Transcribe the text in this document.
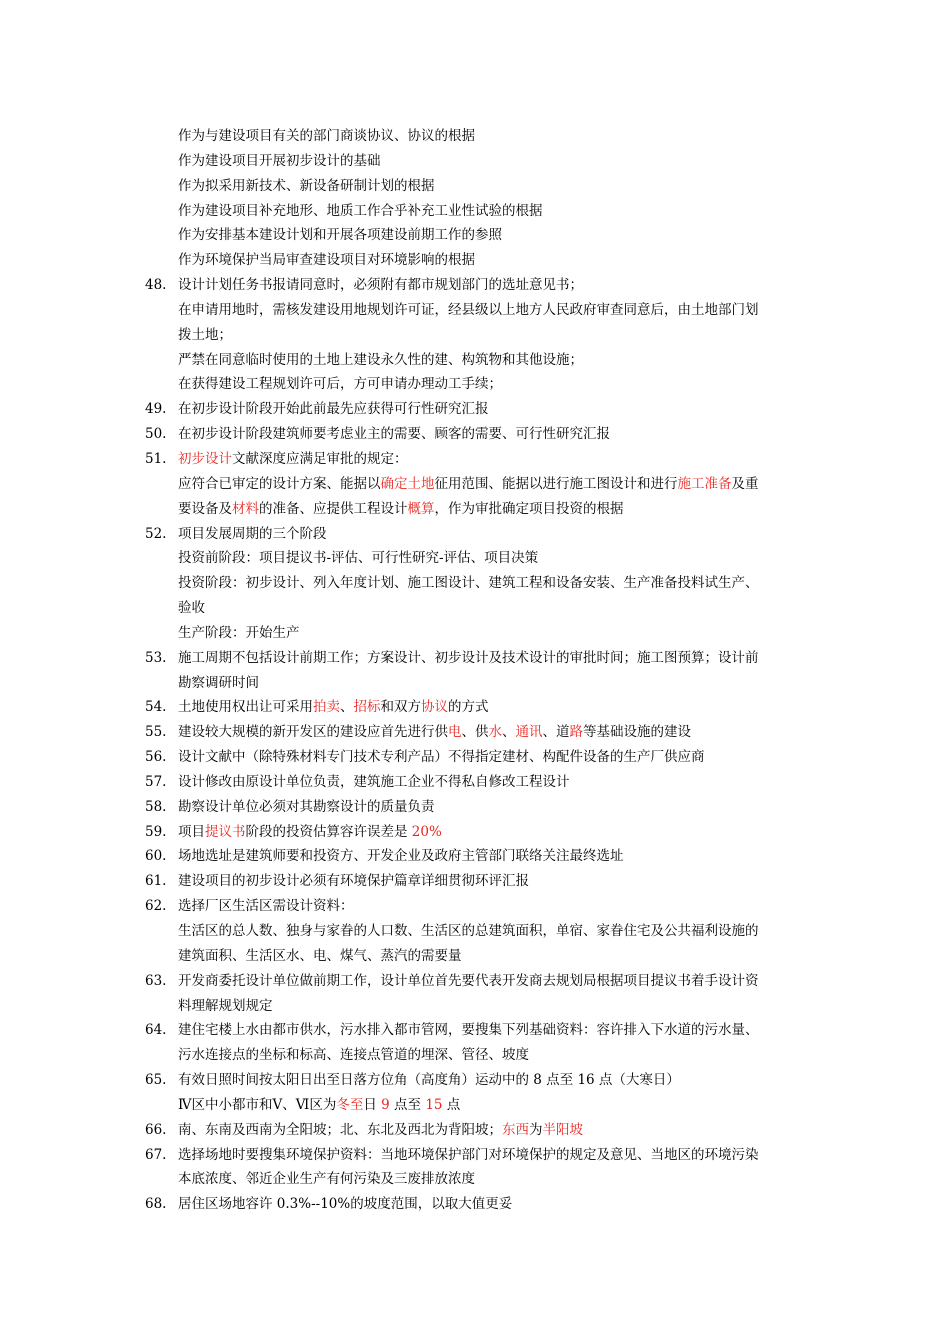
作为与建设项目有关的部门商谈协议、协议的根据
作为建设项目开展初步设计的基础
作为拟采用新技术、新设备研制计划的根据
作为建设项目补充地形、地质工作合乎补充工业性试验的根据
作为安排基本建设计划和开展各项建设前期工作的参照
作为环境保护当局审查建设项目对环境影响的根据
48. 设计计划任务书报请同意时，必须附有都市规划部门的选址意见书；
在申请用地时，需核发建设用地规划许可证，经县级以上地方人民政府审查同意后，由土地部门划
拨土地；
严禁在同意临时使用的土地上建设永久性的建、构筑物和其他设施；
在获得建设工程规划许可后，方可申请办理动工手续；
49. 在初步设计阶段开始此前最先应获得可行性研究汇报
50. 在初步设计阶段建筑师要考虑业主的需要、顾客的需要、可行性研究汇报
51. 初步设计文献深度应满足审批的规定：
应符合已审定的设计方案、能据以确定土地征用范围、能据以进行施工图设计和进行施工准备及重
要设备及材料的准备、应提供工程设计概算，作为审批确定项目投资的根据
52. 项目发展周期的三个阶段
投资前阶段：项目提议书-评估、可行性研究-评估、项目决策
投资阶段：初步设计、列入年度计划、施工图设计、建筑工程和设备安装、生产准备投料试生产、
验收
生产阶段：开始生产
53. 施工周期不包括设计前期工作；方案设计、初步设计及技术设计的审批时间；施工图预算；设计前
勘察调研时间
54. 土地使用权出让可采用拍卖、招标和双方协议的方式
55. 建设较大规模的新开发区的建设应首先进行供电、供水、通讯、道路等基础设施的建设
56. 设计文献中（除特殊材料专门技术专利产品）不得指定建材、构配件设备的生产厂供应商
57. 设计修改由原设计单位负责，建筑施工企业不得私自修改工程设计
58. 勘察设计单位必须对其勘察设计的质量负责
59. 项目提议书阶段的投资估算容许误差是 20%
60. 场地选址是建筑师要和投资方、开发企业及政府主管部门联络关注最终选址
61. 建设项目的初步设计必须有环境保护篇章详细贯彻环评汇报
62. 选择厂区生活区需设计资料：
生活区的总人数、独身与家眷的人口数、生活区的总建筑面积，单宿、家眷住宅及公共福利设施的
建筑面积、生活区水、电、煤气、蒸汽的需要量
63. 开发商委托设计单位做前期工作，设计单位首先要代表开发商去规划局根据项目提议书着手设计资
料理解规划规定
64. 建住宅楼上水由都市供水，污水排入都市管网，要搜集下列基础资料：容许排入下水道的污水量、
污水连接点的坐标和标高、连接点管道的埋深、管径、坡度
65. 有效日照时间按太阳日出至日落方位角（高度角）运动中的 8 点至 16 点（大寒日）
Ⅳ区中小都市和Ⅴ、Ⅵ区为冬至日 9 点至 15 点
66. 南、东南及西南为全阳坡；北、东北及西北为背阳坡；东西为半阳坡
67. 选择场地时要搜集环境保护资料：当地环境保护部门对环境保护的规定及意见、当地区的环境污染
本底浓度、邻近企业生产有何污染及三废排放浓度
68. 居住区场地容许 0.3%--10%的坡度范围，以取大值更妥
